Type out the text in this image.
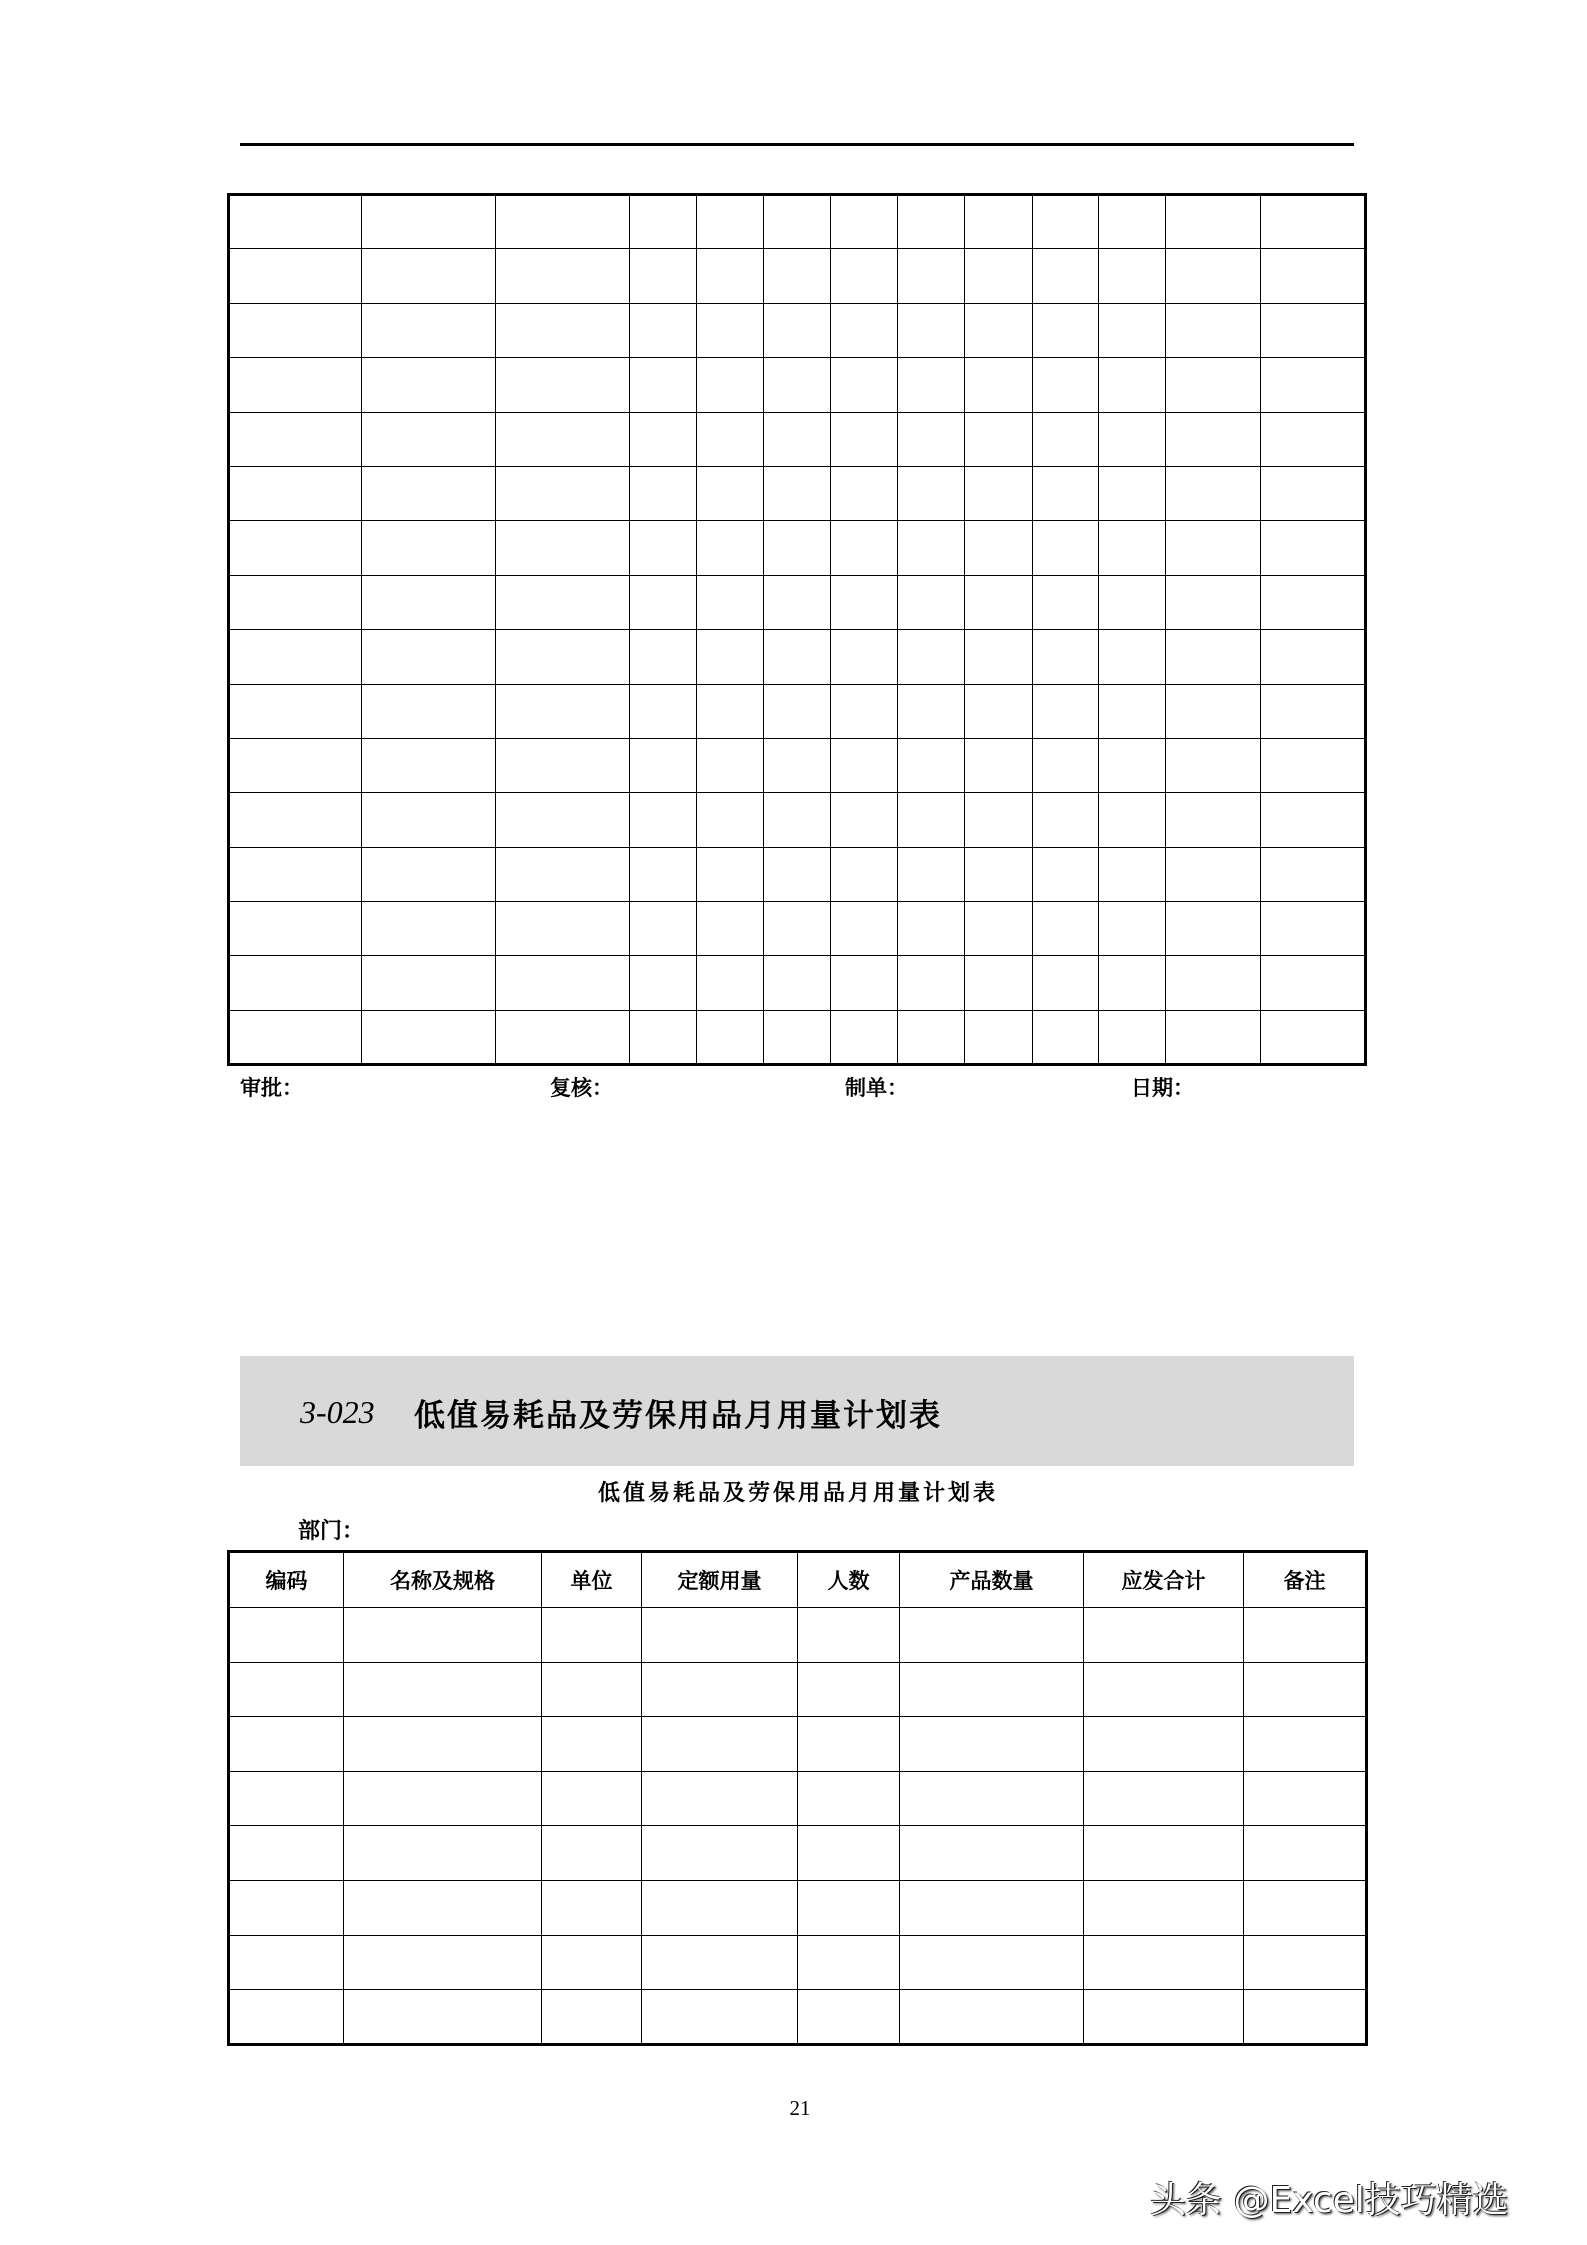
审批：	复核：	制单：	日期：
3-023 低值易耗品及劳保用品月用量计划表
低值易耗品及劳保用品月用量计划表
部门：
编码	名称及规格	单位	定额用量	人数	产品数量	应发合计	备注

21
头条 @Excel技巧精选
